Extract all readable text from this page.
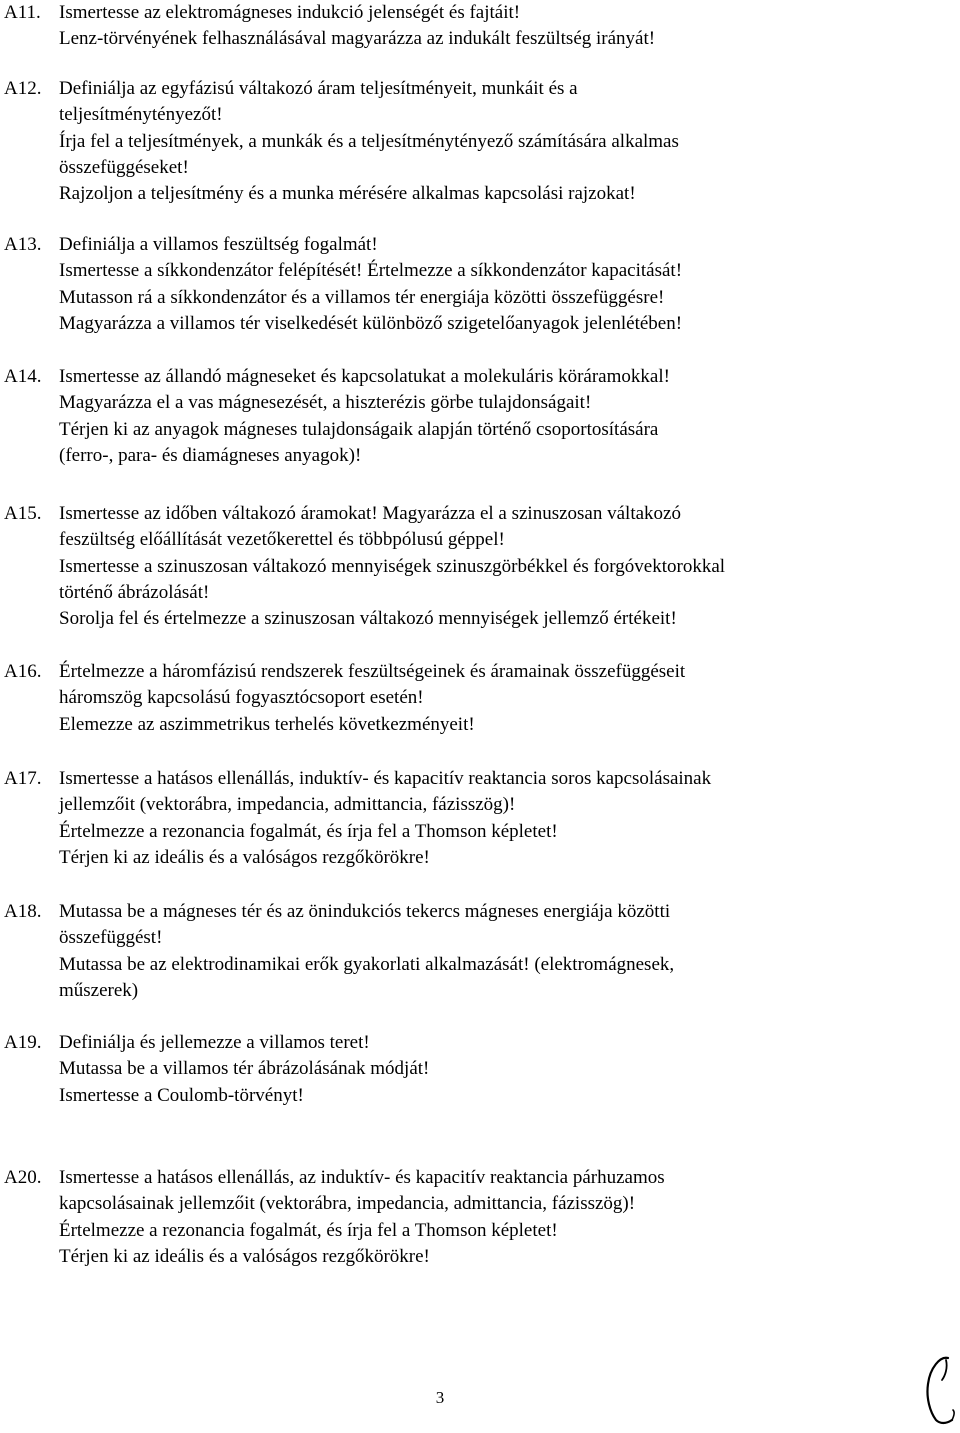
A11. Ismertesse az elektromágneses indukció jelenségét és fajtáit!
Lenz-törvényének felhasználásával magyarázza az indukált feszültség irányát!
A12. Definiálja az egyfázisú váltakozó áram teljesítményeit, munkáit és a
teljesítménytényezőt!
Írja fel a teljesítmények, a munkák és a teljesítménytényező számítására alkalmas
összefüggéseket!
Rajzoljon a teljesítmény és a munka mérésére alkalmas kapcsolási rajzokat!
A13. Definiálja a villamos feszültség fogalmát!
Ismertesse a síkkondenzátor felépítését! Értelmezze a síkkondenzátor kapacitását!
Mutasson rá a síkkondenzátor és a villamos tér energiája közötti összefüggésre!
Magyarázza a villamos tér viselkedését különböző szigetelőanyagok jelenlétében!
A14. Ismertesse az állandó mágneseket és kapcsolatukat a molekuláris köráramokkal!
Magyarázza el a vas mágnesezését, a hiszterézis görbe tulajdonságait!
Térjen ki az anyagok mágneses tulajdonságaik alapján történő csoportosítására
(ferro-, para- és diamágneses anyagok)!
A15. Ismertesse az időben váltakozó áramokat! Magyarázza el a szinuszosan váltakozó
feszültség előállítását vezetőkerettel és többpólusú géppel!
Ismertesse a szinuszosan váltakozó mennyiségek szinuszgörbékkel és forgóvektorokkal
történő ábrázolását!
Sorolja fel és értelmezze a szinuszosan váltakozó mennyiségek jellemző értékeit!
A16. Értelmezze a háromfázisú rendszerek feszültségeinek és áramainak összefüggéseit
háromszög kapcsolású fogyasztócsoport esetén!
Elemezze az aszimmetrikus terhelés következményeit!
A17. Ismertesse a hatásos ellenállás, induktív- és kapacitív reaktancia soros kapcsolásainak
jellemzőit (vektorábra, impedancia, admittancia, fázisszög)!
Értelmezze a rezonancia fogalmát, és írja fel a Thomson képletet!
Térjen ki az ideális és a valóságos rezgőkörökre!
A18. Mutassa be a mágneses tér és az önindukciós tekercs mágneses energiája közötti
összefüggést!
Mutassa be az elektrodinamikai erők gyakorlati alkalmazását! (elektromágnesek,
műszerek)
A19. Definiálja és jellemezze a villamos teret!
Mutassa be a villamos tér ábrázolásának módját!
Ismertesse a Coulomb-törvényt!
A20. Ismertesse a hatásos ellenállás, az induktív- és kapacitív reaktancia párhuzamos
kapcsolásainak jellemzőit (vektorábra, impedancia, admittancia, fázisszög)!
Értelmezze a rezonancia fogalmát, és írja fel a Thomson képletet!
Térjen ki az ideális és a valóságos rezgőkörökre!
3
